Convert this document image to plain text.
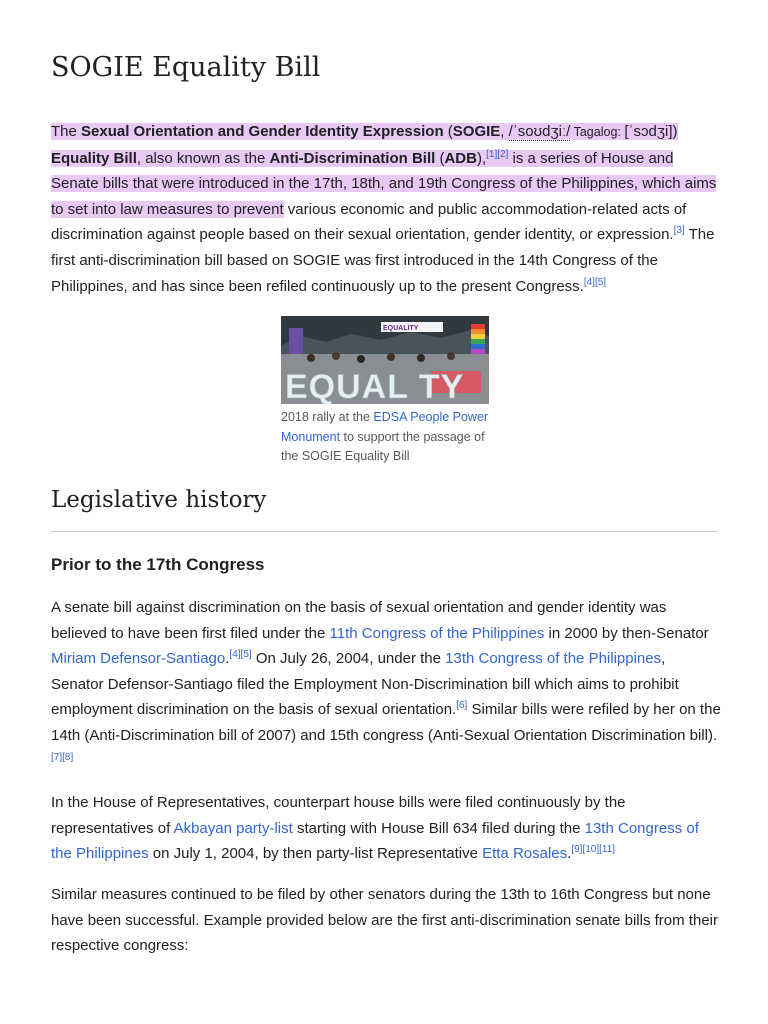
SOGIE Equality Bill

The Sexual Orientation and Gender Identity Expression (SOGIE, /ˈsoʊdʒiː/ Tagalog: [ˈsɔdʒi]) Equality Bill, also known as the Anti-Discrimination Bill (ADB),[1][2] is a series of House and Senate bills that were introduced in the 17th, 18th, and 19th Congress of the Philippines, which aims to set into law measures to prevent various economic and public accommodation-related acts of discrimination against people based on their sexual orientation, gender identity, or expression.[3] The first anti-discrimination bill based on SOGIE was first introduced in the 14th Congress of the Philippines, and has since been refiled continuously up to the present Congress.[4][5]

EQUALITY
EQUAL TY
2018 rally at the EDSA People Power
Monument to support the passage of
the SOGIE Equality Bill
Legislative history
Prior to the 17th Congress

A senate bill against discrimination on the basis of sexual orientation and gender identity was believed to have been first filed under the 11th Congress of the Philippines in 2000 by then-Senator Miriam Defensor-Santiago.[4][5] On July 26, 2004, under the 13th Congress of the Philippines, Senator Defensor-Santiago filed the Employment Non-Discrimination bill which aims to prohibit employment discrimination on the basis of sexual orientation.[6] Similar bills were refiled by her on the 14th (Anti-Discrimination bill of 2007) and 15th congress (Anti-Sexual Orientation Discrimination bill).[7][8]

In the House of Representatives, counterpart house bills were filed continuously by the representatives of Akbayan party-list starting with House Bill 634 filed during the 13th Congress of the Philippines on July 1, 2004, by then party-list Representative Etta Rosales.[9][10][11]

Similar measures continued to be filed by other senators during the 13th to 16th Congress but none have been successful. Example provided below are the first anti-discrimination senate bills from their respective congress:
